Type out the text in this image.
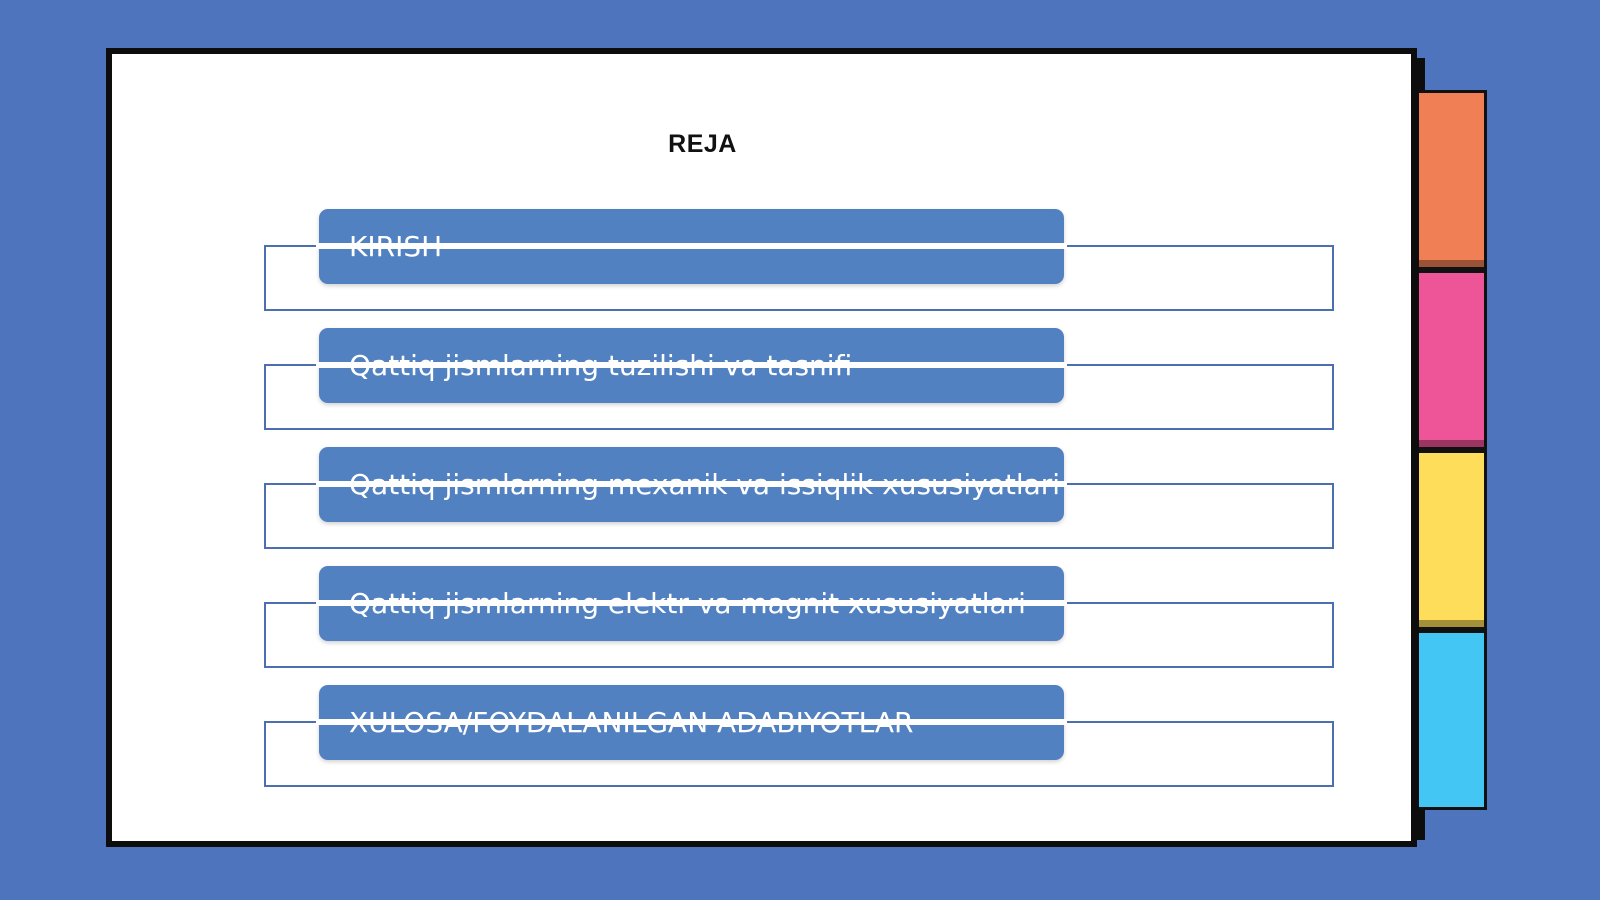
REJA
KIRISH
Qattiq jismlarning tuzilishi va tasnifi
Qattiq jismlarning mexanik va issiqlik xususiyatlari
Qattiq jismlarning elektr va magnit xususiyatlari
XULOSA/FOYDALANILGAN ADABIYOTLAR
